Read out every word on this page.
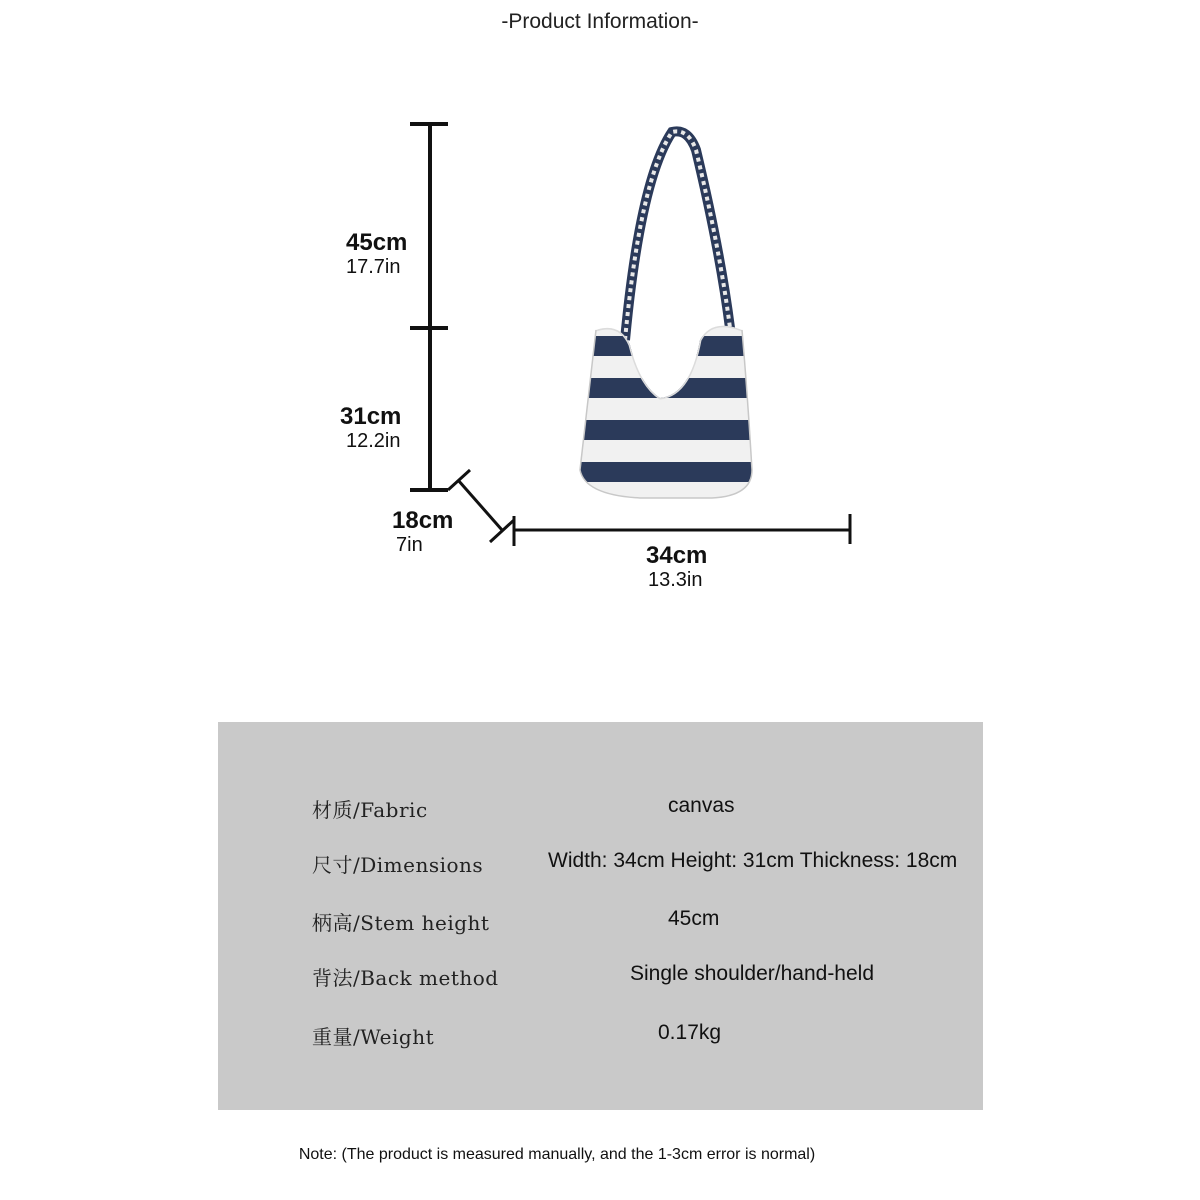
-Product Information-
45cm
17.7in
31cm
12.2in
18cm
7in	34cm
13.3in
材质/Fabric	canvas
尺寸/Dimensions	Width: 34cm Height: 31cm Thickness: 18cm
柄高/Stem height	45cm
背法/Back method	Single shoulder/hand-held
重量/Weight	0.17kg
Note: (The product is measured manually, and the 1-3cm error is normal)
